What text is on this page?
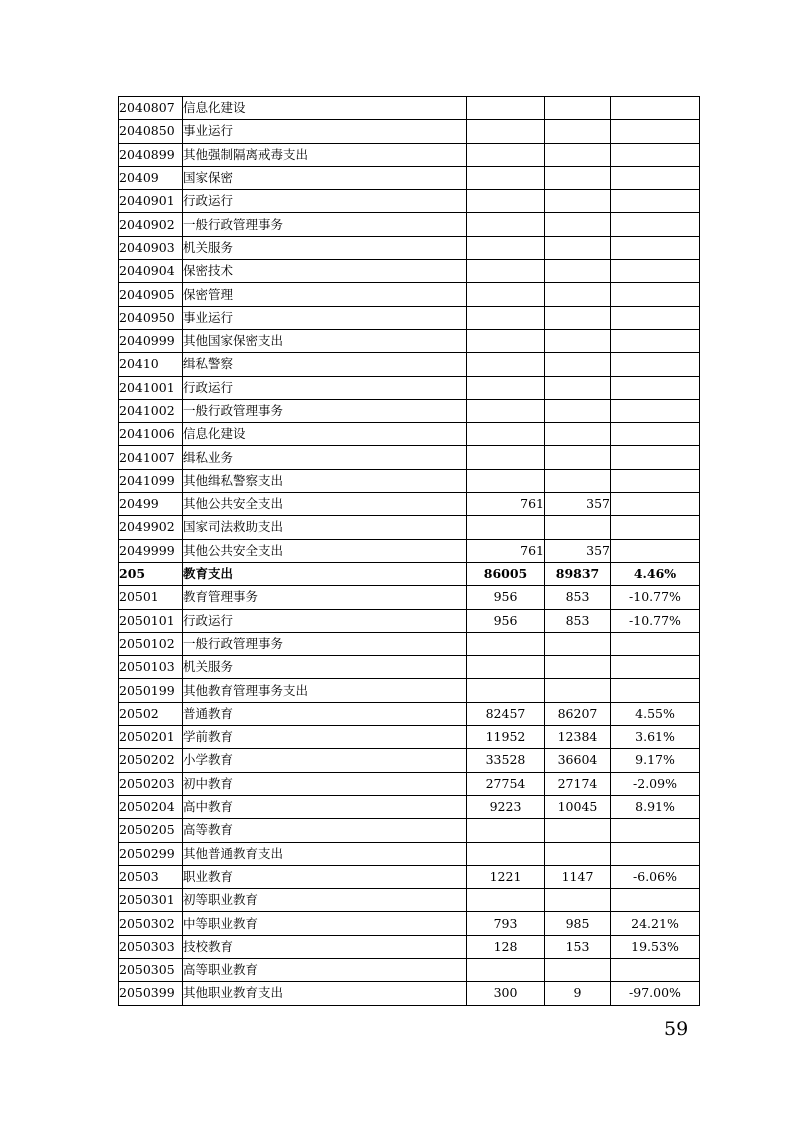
2040807	信息化建设			
2040850	事业运行			
2040899	其他强制隔离戒毒支出			
20409	国家保密			
2040901	行政运行			
2040902	一般行政管理事务			
2040903	机关服务			
2040904	保密技术			
2040905	保密管理			
2040950	事业运行			
2040999	其他国家保密支出			
20410	缉私警察			
2041001	行政运行			
2041002	一般行政管理事务			
2041006	信息化建设			
2041007	缉私业务			
2041099	其他缉私警察支出			
20499	其他公共安全支出	761	357	
2049902	国家司法救助支出			
2049999	其他公共安全支出	761	357	
205	教育支出	86005	89837	4.46%
20501	教育管理事务	956	853	-10.77%
2050101	行政运行	956	853	-10.77%
2050102	一般行政管理事务			
2050103	机关服务			
2050199	其他教育管理事务支出			
20502	普通教育	82457	86207	4.55%
2050201	学前教育	11952	12384	3.61%
2050202	小学教育	33528	36604	9.17%
2050203	初中教育	27754	27174	-2.09%
2050204	高中教育	9223	10045	8.91%
2050205	高等教育			
2050299	其他普通教育支出			
20503	职业教育	1221	1147	-6.06%
2050301	初等职业教育			
2050302	中等职业教育	793	985	24.21%
2050303	技校教育	128	153	19.53%
2050305	高等职业教育			
2050399	其他职业教育支出	300	9	-97.00%
59
